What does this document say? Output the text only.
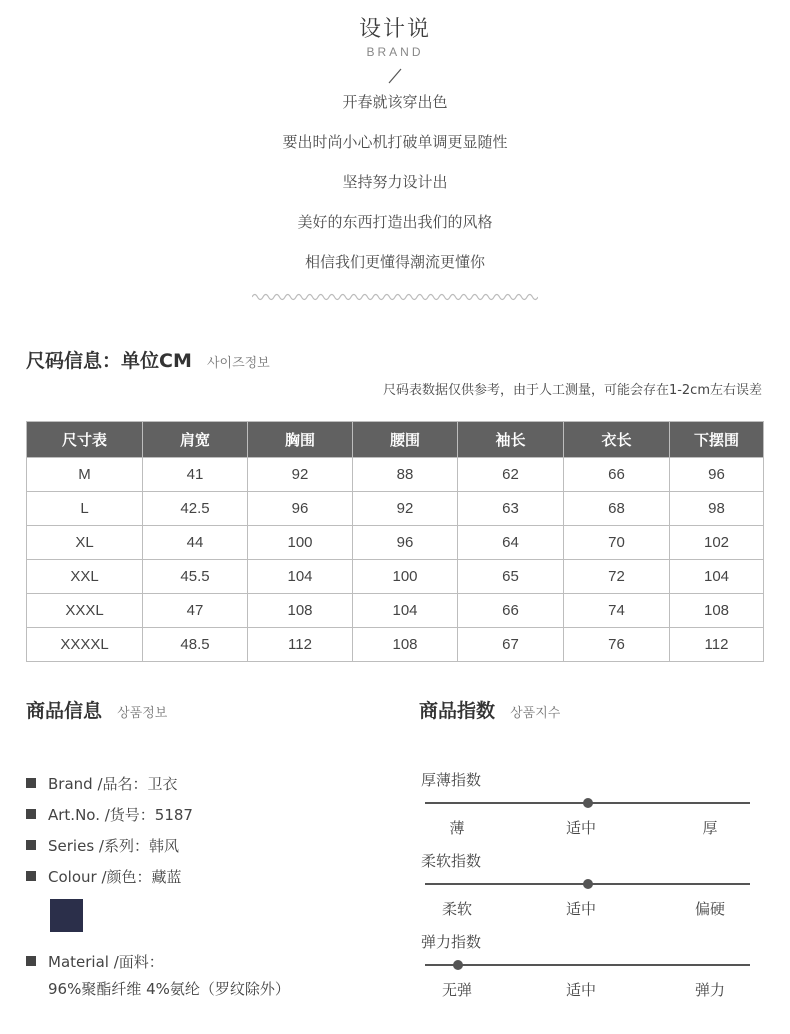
设计说
BRAND
开春就该穿出色
要出时尚小心机打破单调更显随性
坚持努力设计出
美好的东西打造出我们的风格
相信我们更懂得潮流更懂你
尺码信息：单位CM 사이즈정보
尺码表数据仅供参考，由于人工测量，可能会存在1-2cm左右误差
尺寸表	肩宽	胸围	腰围	袖长	衣长	下摆围
M	41	92	88	62	66	96
L	42.5	96	92	63	68	98
XL	44	100	96	64	70	102
XXL	45.5	104	100	65	72	104
XXXL	47	108	104	66	74	108
XXXXL	48.5	112	108	67	76	112
商品信息 상품정보
Brand /品名：卫衣
Art.No. /货号：5187
Series /系列：韩风
Colour /颜色：藏蓝
Material /面料：
96%聚酯纤维 4%氨纶（罗纹除外）
商品指数 상품지수
厚薄指数
薄	适中	厚
柔软指数
柔软	适中	偏硬
弹力指数
无弹	适中	弹力
